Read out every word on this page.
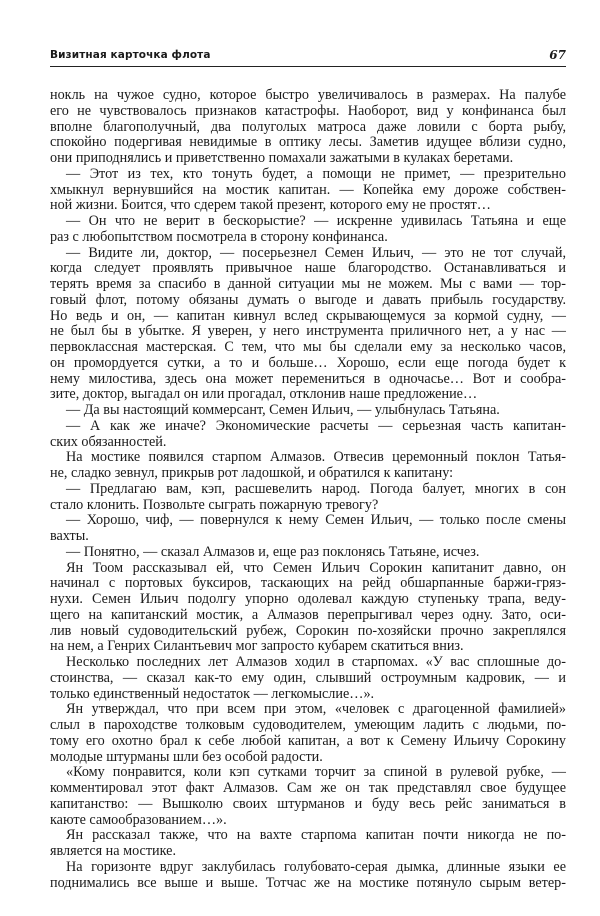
Визитная карточка флота	67
нокль на чужое судно, которое быстро увеличивалось в размерах. На палубе
его не чувствовалось признаков катастрофы. Наоборот, вид у конфинанса был
вполне благополучный, два полуголых матроса даже ловили с борта рыбу,
спокойно подергивая невидимые в оптику лесы. Заметив идущее вблизи судно,
они приподнялись и приветственно помахали зажатыми в кулаках беретами.
— Этот из тех, кто тонуть будет, а помощи не примет, — презрительно
хмыкнул вернувшийся на мостик капитан. — Копейка ему дороже собствен-
ной жизни. Боится, что сдерем такой презент, которого ему не простят…
— Он что не верит в бескорыстие? — искренне удивилась Татьяна и еще
раз с любопытством посмотрела в сторону конфинанса.
— Видите ли, доктор, — посерьезнел Семен Ильич, — это не тот случай,
когда следует проявлять привычное наше благородство. Останавливаться и
терять время за спасибо в данной ситуации мы не можем. Мы с вами — тор-
говый флот, потому обязаны думать о выгоде и давать прибыль государству.
Но ведь и он, — капитан кивнул вслед скрывающемуся за кормой судну, —
не был бы в убытке. Я уверен, у него инструмента приличного нет, а у нас —
первоклассная мастерская. С тем, что мы бы сделали ему за несколько часов,
он промордуется сутки, а то и больше… Хорошо, если еще погода будет к
нему милостива, здесь она может перемениться в одночасье… Вот и сообра-
зите, доктор, выгадал он или прогадал, отклонив наше предложение…
— Да вы настоящий коммерсант, Семен Ильич, — улыбнулась Татьяна.
— А как же иначе? Экономические расчеты — серьезная часть капитан-
ских обязанностей.
На мостике появился старпом Алмазов. Отвесив церемонный поклон Татья-
не, сладко зевнул, прикрыв рот ладошкой, и обратился к капитану:
— Предлагаю вам, кэп, расшевелить народ. Погода балует, многих в сон
стало клонить. Позвольте сыграть пожарную тревогу?
— Хорошо, чиф, — повернулся к нему Семен Ильич, — только после смены
вахты.
— Понятно, — сказал Алмазов и, еще раз поклонясь Татьяне, исчез.
Ян Тоом рассказывал ей, что Семен Ильич Сорокин капитанит давно, он
начинал с портовых буксиров, таскающих на рейд обшарпанные баржи-гряз-
нухи. Семен Ильич подолгу упорно одолевал каждую ступеньку трапа, веду-
щего на капитанский мостик, а Алмазов перепрыгивал через одну. Зато, оси-
лив новый судоводительский рубеж, Сорокин по-хозяйски прочно закреплялся
на нем, а Генрих Силантьевич мог запросто кубарем скатиться вниз.
Несколько последних лет Алмазов ходил в старпомах. «У вас сплошные до-
стоинства, — сказал как-то ему один, слывший остроумным кадровик, — и
только единственный недостаток — легкомыслие…».
Ян утверждал, что при всем при этом, «человек с драгоценной фамилией»
слыл в пароходстве толковым судоводителем, умеющим ладить с людьми, по-
тому его охотно брал к себе любой капитан, а вот к Семену Ильичу Сорокину
молодые штурманы шли без особой радости.
«Кому понравится, коли кэп сутками торчит за спиной в рулевой рубке, —
комментировал этот факт Алмазов. Сам же он так представлял свое будущее
капитанство: — Вышколю своих штурманов и буду весь рейс заниматься в
каюте самообразованием…».
Ян рассказал также, что на вахте старпома капитан почти никогда не по-
является на мостике.
На горизонте вдруг заклубилась голубовато-серая дымка, длинные языки ее
поднимались все выше и выше. Тотчас же на мостике потянуло сырым ветер-
